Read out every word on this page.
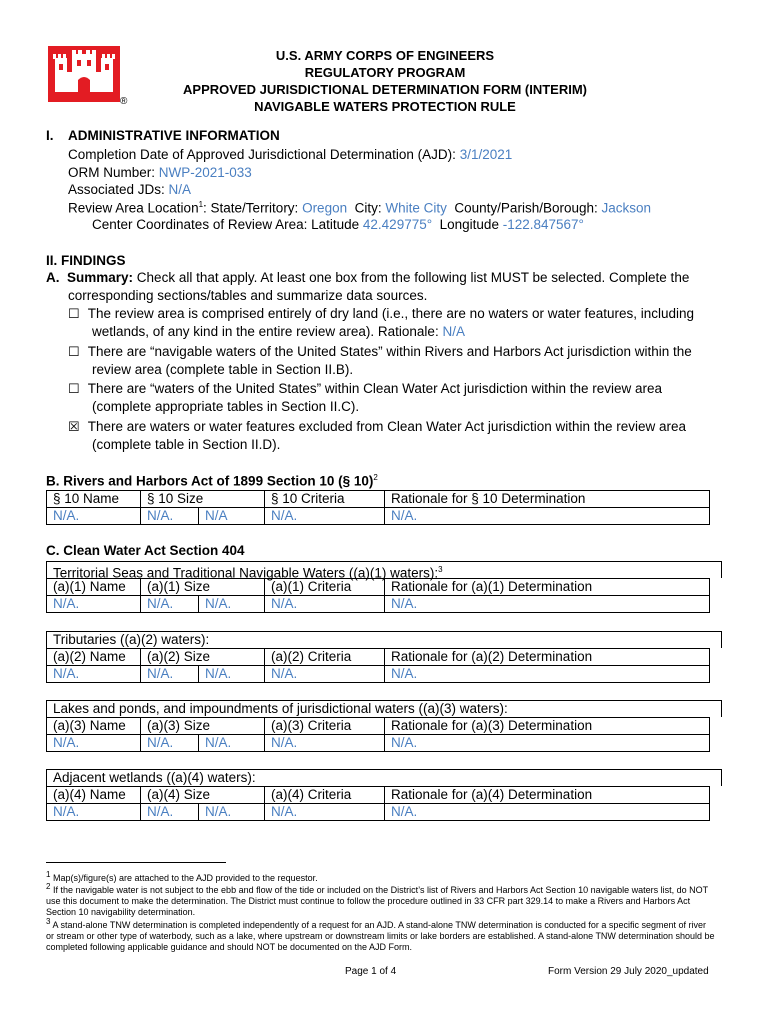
®
U.S. ARMY CORPS OF ENGINEERS
REGULATORY PROGRAM
APPROVED JURISDICTIONAL DETERMINATION FORM (INTERIM)
NAVIGABLE WATERS PROTECTION RULE
I. ADMINISTRATIVE INFORMATION
Completion Date of Approved Jurisdictional Determination (AJD): 3/1/2021
ORM Number: NWP-2021-033
Associated JDs: N/A
Review Area Location$^1$: State/Territory: Oregon City: White City County/Parish/Borough: Jackson
Center Coordinates of Review Area: Latitude 42.429775° Longitude -122.847567°
II. FINDINGS
A. Summary: Check all that apply. At least one box from the following list MUST be selected. Complete the
corresponding sections/tables and summarize data sources.
☐ The review area is comprised entirely of dry land (i.e., there are no waters or water features, including
wetlands, of any kind in the entire review area). Rationale: N/A
☐ There are “navigable waters of the United States” within Rivers and Harbors Act jurisdiction within the
review area (complete table in Section II.B).
☐ There are “waters of the United States” within Clean Water Act jurisdiction within the review area
(complete appropriate tables in Section II.C).
☒ There are waters or water features excluded from Clean Water Act jurisdiction within the review area
(complete table in Section II.D).
B. Rivers and Harbors Act of 1899 Section 10 (§ 10)$^2$
§ 10 Name	§ 10 Size		§ 10 Criteria	Rationale for § 10 Determination
N/A.	N/A.	N/A	N/A.	N/A.
C. Clean Water Act Section 404
Territorial Seas and Traditional Navigable Waters ((a)(1) waters):$^3$
(a)(1) Name	(a)(1) Size		(a)(1) Criteria	Rationale for (a)(1) Determination
N/A.	N/A.	N/A.	N/A.	N/A.
Tributaries ((a)(2) waters):
(a)(2) Name	(a)(2) Size		(a)(2) Criteria	Rationale for (a)(2) Determination
N/A.	N/A.	N/A.	N/A.	N/A.
Lakes and ponds, and impoundments of jurisdictional waters ((a)(3) waters):
(a)(3) Name	(a)(3) Size		(a)(3) Criteria	Rationale for (a)(3) Determination
N/A.	N/A.	N/A.	N/A.	N/A.
Adjacent wetlands ((a)(4) waters):
(a)(4) Name	(a)(4) Size		(a)(4) Criteria	Rationale for (a)(4) Determination
N/A.	N/A.	N/A.	N/A.	N/A.
$^1$ Map(s)/figure(s) are attached to the AJD provided to the requestor.
$^2$ If the navigable water is not subject to the ebb and flow of the tide or included on the District’s list of Rivers and Harbors Act Section 10 navigable waters list, do NOT use this document to make the determination. The District must continue to follow the procedure outlined in 33 CFR part 329.14 to make a Rivers and Harbors Act Section 10 navigability determination.
$^3$ A stand-alone TNW determination is completed independently of a request for an AJD. A stand-alone TNW determination is conducted for a specific segment of river or stream or other type of waterbody, such as a lake, where upstream or downstream limits or lake borders are established. A stand-alone TNW determination should be completed following applicable guidance and should NOT be documented on the AJD Form.
Page 1 of 4	Form Version 29 July 2020_updated
